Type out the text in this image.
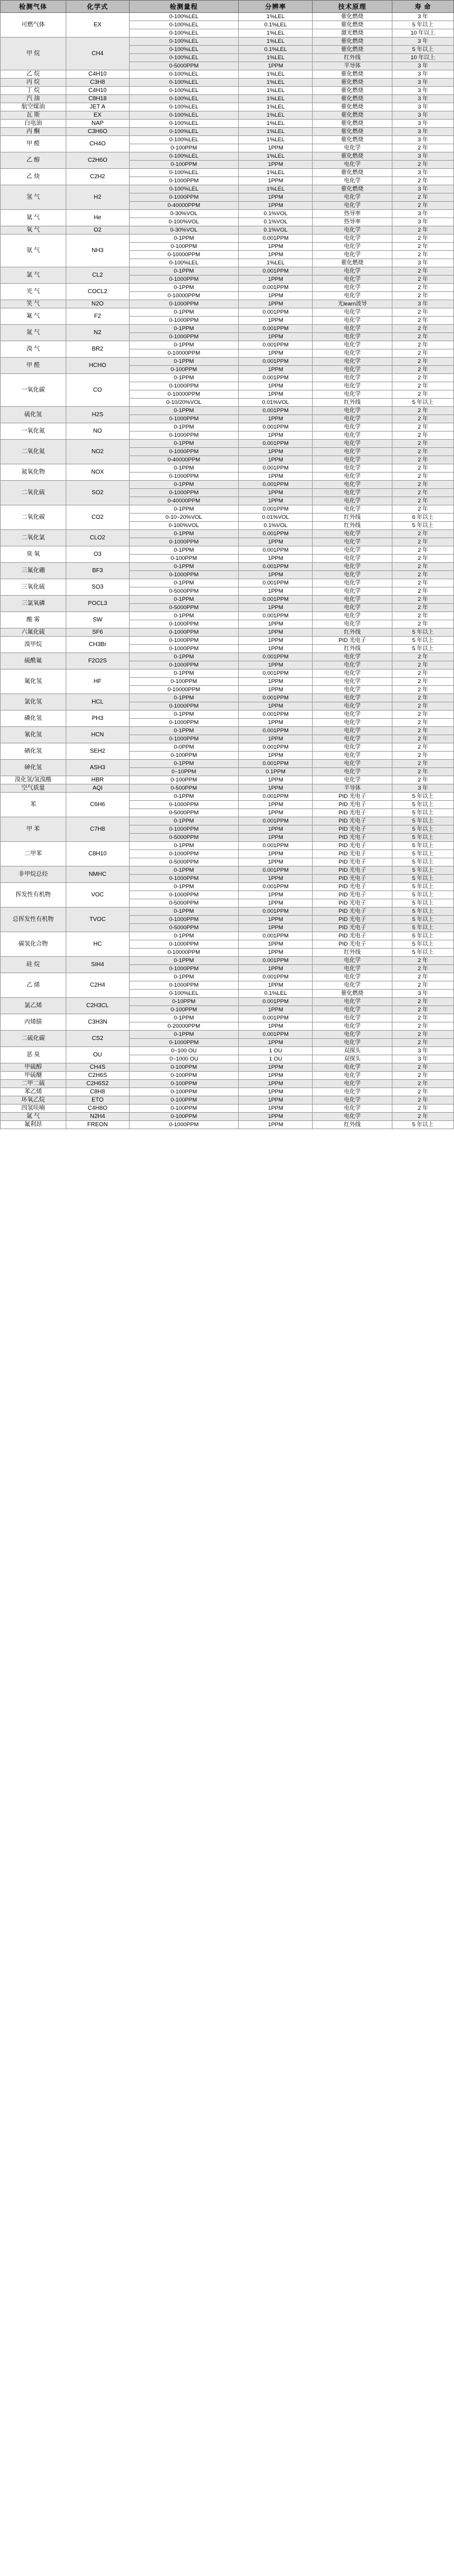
检测气体	化学式	检测量程	分辨率	技术原理	寿 命
可燃气体	EX	0-100%LEL	1%LEL	催化燃烧	3 年
		0-100%LEL	0.1%LEL	催化燃烧	5 年以上
		0-100%LEL	1%LEL	激光燃烧	10 年以上
甲 烷	CH4	0-100%LEL	1%LEL	催化燃烧	3 年
		0-100%LEL	0.1%LEL	催化燃烧	5 年以上
		0-100%LEL	1%LEL	红外线	10 年以上
		0-5000PPM	1PPM	半导体	3 年
乙 烷	C4H10	0-100%LEL	1%LEL	催化燃烧	3 年
丙 烷	C3H8	0-100%LEL	1%LEL	催化燃烧	3 年
丁 烷	C4H10	0-100%LEL	1%LEL	催化燃烧	3 年
汽 油	C8H18	0-100%LEL	1%LEL	催化燃烧	3 年
航空煤油	JET A	0-100%LEL	1%LEL	催化燃烧	3 年
瓦 斯	EX	0-100%LEL	1%LEL	催化燃烧	3 年
白电油	NAP	0-100%LEL	1%LEL	催化燃烧	3 年
丙 酮	C3H6O	0-100%LEL	1%LEL	催化燃烧	3 年
甲 醛	CH4O	0-100%LEL	1%LEL	催化燃烧	3 年
		0-100PPM	1PPM	电化学	2 年
乙 醇	C2H6O	0-100%LEL	1%LEL	催化燃烧	3 年
		0-100PPM	1PPM	电化学	2 年
乙 炔	C2H2	0-100%LEL	1%LEL	催化燃烧	3 年
		0-1000PPM	1PPM	电化学	2 年
氢 气	H2	0-100%LEL	1%LEL	催化燃烧	3 年
		0-1000PPM	1PPM	电化学	2 年
		0-40000PPM	1PPM	电化学	2 年
氦 气	He	0-30%VOL	0.1%VOL	热导率	3 年
		0-100%VOL	0.1%VOL	热导率	3 年
氧 气	O2	0-30%VOL	0.1%VOL	电化学	2 年
氨 气	NH3	0-1PPM	0.001PPM	电化学	2 年
		0-100PPM	1PPM	电化学	2 年
		0-10000PPM	1PPM	电化学	2 年
		0-100%LEL	1%LEL	催化燃烧	3 年
氯 气	CL2	0-1PPM	0.001PPM	电化学	2 年
		0-1000PPM	1PPM	电化学	2 年
光 气	COCL2	0-1PPM	0.001PPM	电化学	2 年
		0-10000PPM	1PPM	电化学	2 年
笑 气	N2O	0-1000PPM	1PPM	光learn波导	3 年
氟 气	F2	0-1PPM	0.001PPM	电化学	2 年
		0-1000PPM	1PPM	电化学	2 年
氮 气	N2	0-1PPM	0.001PPM	电化学	2 年
		0-1000PPM	1PPM	电化学	2 年
溴 气	BR2	0-1PPM	0.001PPM	电化学	2 年
		0-10000PPM	1PPM	电化学	2 年
甲 醛	HCHO	0-1PPM	0.001PPM	电化学	2 年
		0-100PPM	1PPM	电化学	2 年
一氧化碳	CO	0-1PPM	0.001PPM	电化学	2 年
		0-1000PPM	1PPM	电化学	2 年
		0-10000PPM	1PPM	电化学	2 年
		0-10/20%VOL	0.01%VOL	红外线	5 年以上
硫化氢	H2S	0-1PPM	0.001PPM	电化学	2 年
		0-1000PPM	1PPM	电化学	2 年
一氧化氮	NO	0-1PPM	0.001PPM	电化学	2 年
		0-1000PPM	1PPM	电化学	2 年
二氧化氮	NO2	0-1PPM	0.001PPM	电化学	2 年
		0-1000PPM	1PPM	电化学	2 年
		0-40000PPM	1PPM	电化学	2 年
氮氧化物	NOX	0-1PPM	0.001PPM	电化学	2 年
		0-1000PPM	1PPM	电化学	2 年
二氧化硫	SO2	0-1PPM	0.001PPM	电化学	2 年
		0-1000PPM	1PPM	电化学	2 年
		0-40000PPM	1PPM	电化学	2 年
二氧化碳	CO2	0-1PPM	0.001PPM	电化学	2 年
		0-10~20%VOL	0.01%VOL	红外线	6 年以上
		0-100%VOL	0.1%VOL	红外线	5 年以上
二氧化氯	CLO2	0-1PPM	0.001PPM	电化学	2 年
		0-1000PPM	1PPM	电化学	2 年
臭 氧	O3	0-1PPM	0.001PPM	电化学	2 年
		0-100PPM	1PPM	电化学	2 年
三氟化硼	BF3	0-1PPM	0.001PPM	电化学	2 年
		0-1000PPM	1PPM	电化学	2 年
三氧化硫	SO3	0-1PPM	0.001PPM	电化学	2 年
		0-5000PPM	1PPM	电化学	2 年
三氯氧磷	POCL3	0-1PPM	0.001PPM	电化学	2 年
		0-5000PPM	1PPM	电化学	2 年
酸 雾	SW	0-1PPM	0.001PPM	电化学	2 年
		0-1000PPM	1PPM	电化学	2 年
六氟化硫	SF6	0-1000PPM	1PPM	红外线	5 年以上
溴甲烷	CH3Br	0-1000PPM	1PPM	PID 光电子	5 年以上
		0-1000PPM	1PPM	红外线	5 年以上
硫酰氟	F2O2S	0-1PPM	0.001PPM	电化学	2 年
		0-1000PPM	1PPM	电化学	2 年
氟化氢	HF	0-1PPM	0.001PPM	电化学	2 年
		0-100PPM	1PPM	电化学	2 年
		0-10000PPM	1PPM	电化学	2 年
氯化氢	HCL	0-1PPM	0.001PPM	电化学	2 年
		0-1000PPM	1PPM	电化学	2 年
磷化氢	PH3	0-1PPM	0.001PPM	电化学	2 年
		0-1000PPM	1PPM	电化学	2 年
氰化氢	HCN	0-1PPM	0.001PPM	电化学	2 年
		0-1000PPM	1PPM	电化学	2 年
硒化氢	SEH2	0-0PPM	0.001PPM	电化学	2 年
		0-100PPM	1PPM	电化学	2 年
砷化氢	ASH3	0-1PPM	0.001PPM	电化学	2 年
		0~10PPM	0.1PPM	电化学	2 年
溴化氢/氢溴酸	HBR	0-100PPM	1PPM	电化学	2 年
空气质量	AQI	0-500PPM	1PPM	半导体	3 年
苯	C6H6	0-1PPM	0.001PPM	PID 光电子	5 年以上
		0-1000PPM	1PPM	PID 光电子	5 年以上
		0-5000PPM	1PPM	PID 光电子	5 年以上
甲 苯	C7H8	0-1PPM	0.001PPM	PID 光电子	5 年以上
		0-1000PPM	1PPM	PID 光电子	5 年以上
		0-5000PPM	1PPM	PID 光电子	5 年以上
二甲苯	C8H10	0-1PPM	0.001PPM	PID 光电子	5 年以上
		0-1000PPM	1PPM	PID 光电子	5 年以上
		0-5000PPM	1PPM	PID 光电子	5 年以上
非甲烷总烃	NMHC	0-1PPM	0.001PPM	PID 光电子	5 年以上
		0-1000PPM	1PPM	PID 光电子	5 年以上
挥发性有机物	VOC	0-1PPM	0.001PPM	PID 光电子	5 年以上
		0-1000PPM	1PPM	PID 光电子	5 年以上
		0-5000PPM	1PPM	PID 光电子	5 年以上
总挥发性有机物	TVOC	0-1PPM	0.001PPM	PID 光电子	5 年以上
		0-1000PPM	1PPM	PID 光电子	5 年以上
		0-5000PPM	1PPM	PID 光电子	5 年以上
碳氢化合物	HC	0-1PPM	0.001PPM	PID 光电子	5 年以上
		0-1000PPM	1PPM	PID 光电子	5 年以上
		0-10000PPM	1PPM	红外线	5 年以上
硅 烷	SIH4	0-1PPM	0.001PPM	电化学	2 年
		0-1000PPM	1PPM	电化学	2 年
乙 烯	C2H4	0-1PPM	0.001PPM	电化学	2 年
		0-1000PPM	1PPM	电化学	2 年
		0-100%LEL	0.1%LEL	催化燃烧	3 年
氯乙烯	C2H3CL	0-10PPM	0.001PPM	电化学	2 年
		0-100PPM	1PPM	电化学	2 年
丙烯腈	C3H3N	0-1PPM	0.001PPM	电化学	2 年
		0-20000PPM	1PPM	电化学	2 年
二硫化碳	CS2	0-1PPM	0.001PPM	电化学	2 年
		0-1000PPM	1PPM	电化学	2 年
恶 臭	OU	0~100 OU	1 OU	双探头	3 年
		0~1000 OU	1 OU	双探头	3 年
甲硫醇	CH4S	0-100PPM	1PPM	电化学	2 年
甲硫醚	C2H6S	0-100PPM	1PPM	电化学	2 年
二甲二硫	C2H6S2	0-100PPM	1PPM	电化学	2 年
苯乙烯	C8H8	0-100PPM	1PPM	电化学	2 年
环氧乙烷	ETO	0-100PPM	1PPM	电化学	2 年
四氢呋喃	C4H8O	0-100PPM	1PPM	电化学	2 年
氮 气	N2H4	0-100PPM	1PPM	电化学	2 年
氟利昂	FREON	0-1000PPM	1PPM	红外线	5 年以上
